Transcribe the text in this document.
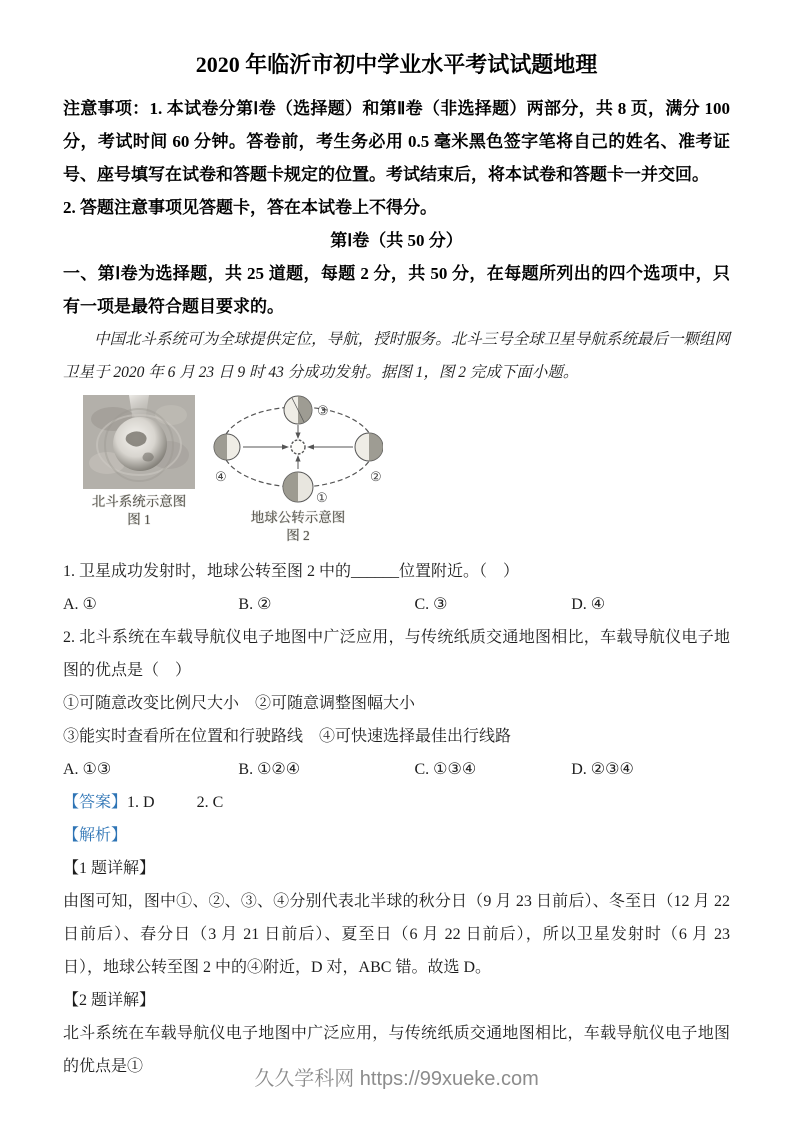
2020 年临沂市初中学业水平考试试题地理

注意事项：1. 本试卷分第Ⅰ卷（选择题）和第Ⅱ卷（非选择题）两部分，共 8 页，满分 100 分，考试时间 60 分钟。答卷前，考生务必用 0.5 毫米黑色签字笔将自己的姓名、准考证号、座号填写在试卷和答题卡规定的位置。考试结束后，将本试卷和答题卡一并交回。

2. 答题注意事项见答题卡，答在本试卷上不得分。

第Ⅰ卷（共 50 分）

一、第Ⅰ卷为选择题，共 25 道题，每题 2 分，共 50 分，在每题所列出的四个选项中，只有一项是最符合题目要求的。

中国北斗系统可为全球提供定位，导航，授时服务。北斗三号全球卫星导航系统最后一颗组网卫星于 2020 年 6 月 23 日 9 时 43 分成功发射。据图 1，图 2 完成下面小题。

北斗系统示意图
图 1
③
②
①
④
地球公转示意图
图 2

1. 卫星成功发射时，地球公转至图 2 中的______位置附近。（　）

A. ①	B. ②	C. ③	D. ④

2. 北斗系统在车载导航仪电子地图中广泛应用，与传统纸质交通地图相比，车载导航仪电子地图的优点是（　）

①可随意改变比例尺大小　②可随意调整图幅大小

③能实时查看所在位置和行驶路线　④可快速选择最佳出行线路

A. ①③	B. ①②④	C. ①③④	D. ②③④

【答案】1. D	2. C

【解析】

【1 题详解】

由图可知，图中①、②、③、④分别代表北半球的秋分日（9 月 23 日前后）、冬至日（12 月 22 日前后）、春分日（3 月 21 日前后）、夏至日（6 月 22 日前后），所以卫星发射时（6 月 23 日），地球公转至图 2 中的④附近，D 对，ABC 错。故选 D。

【2 题详解】

北斗系统在车载导航仪电子地图中广泛应用，与传统纸质交通地图相比，车载导航仪电子地图的优点是①

久久学科网 https://99xueke.com
